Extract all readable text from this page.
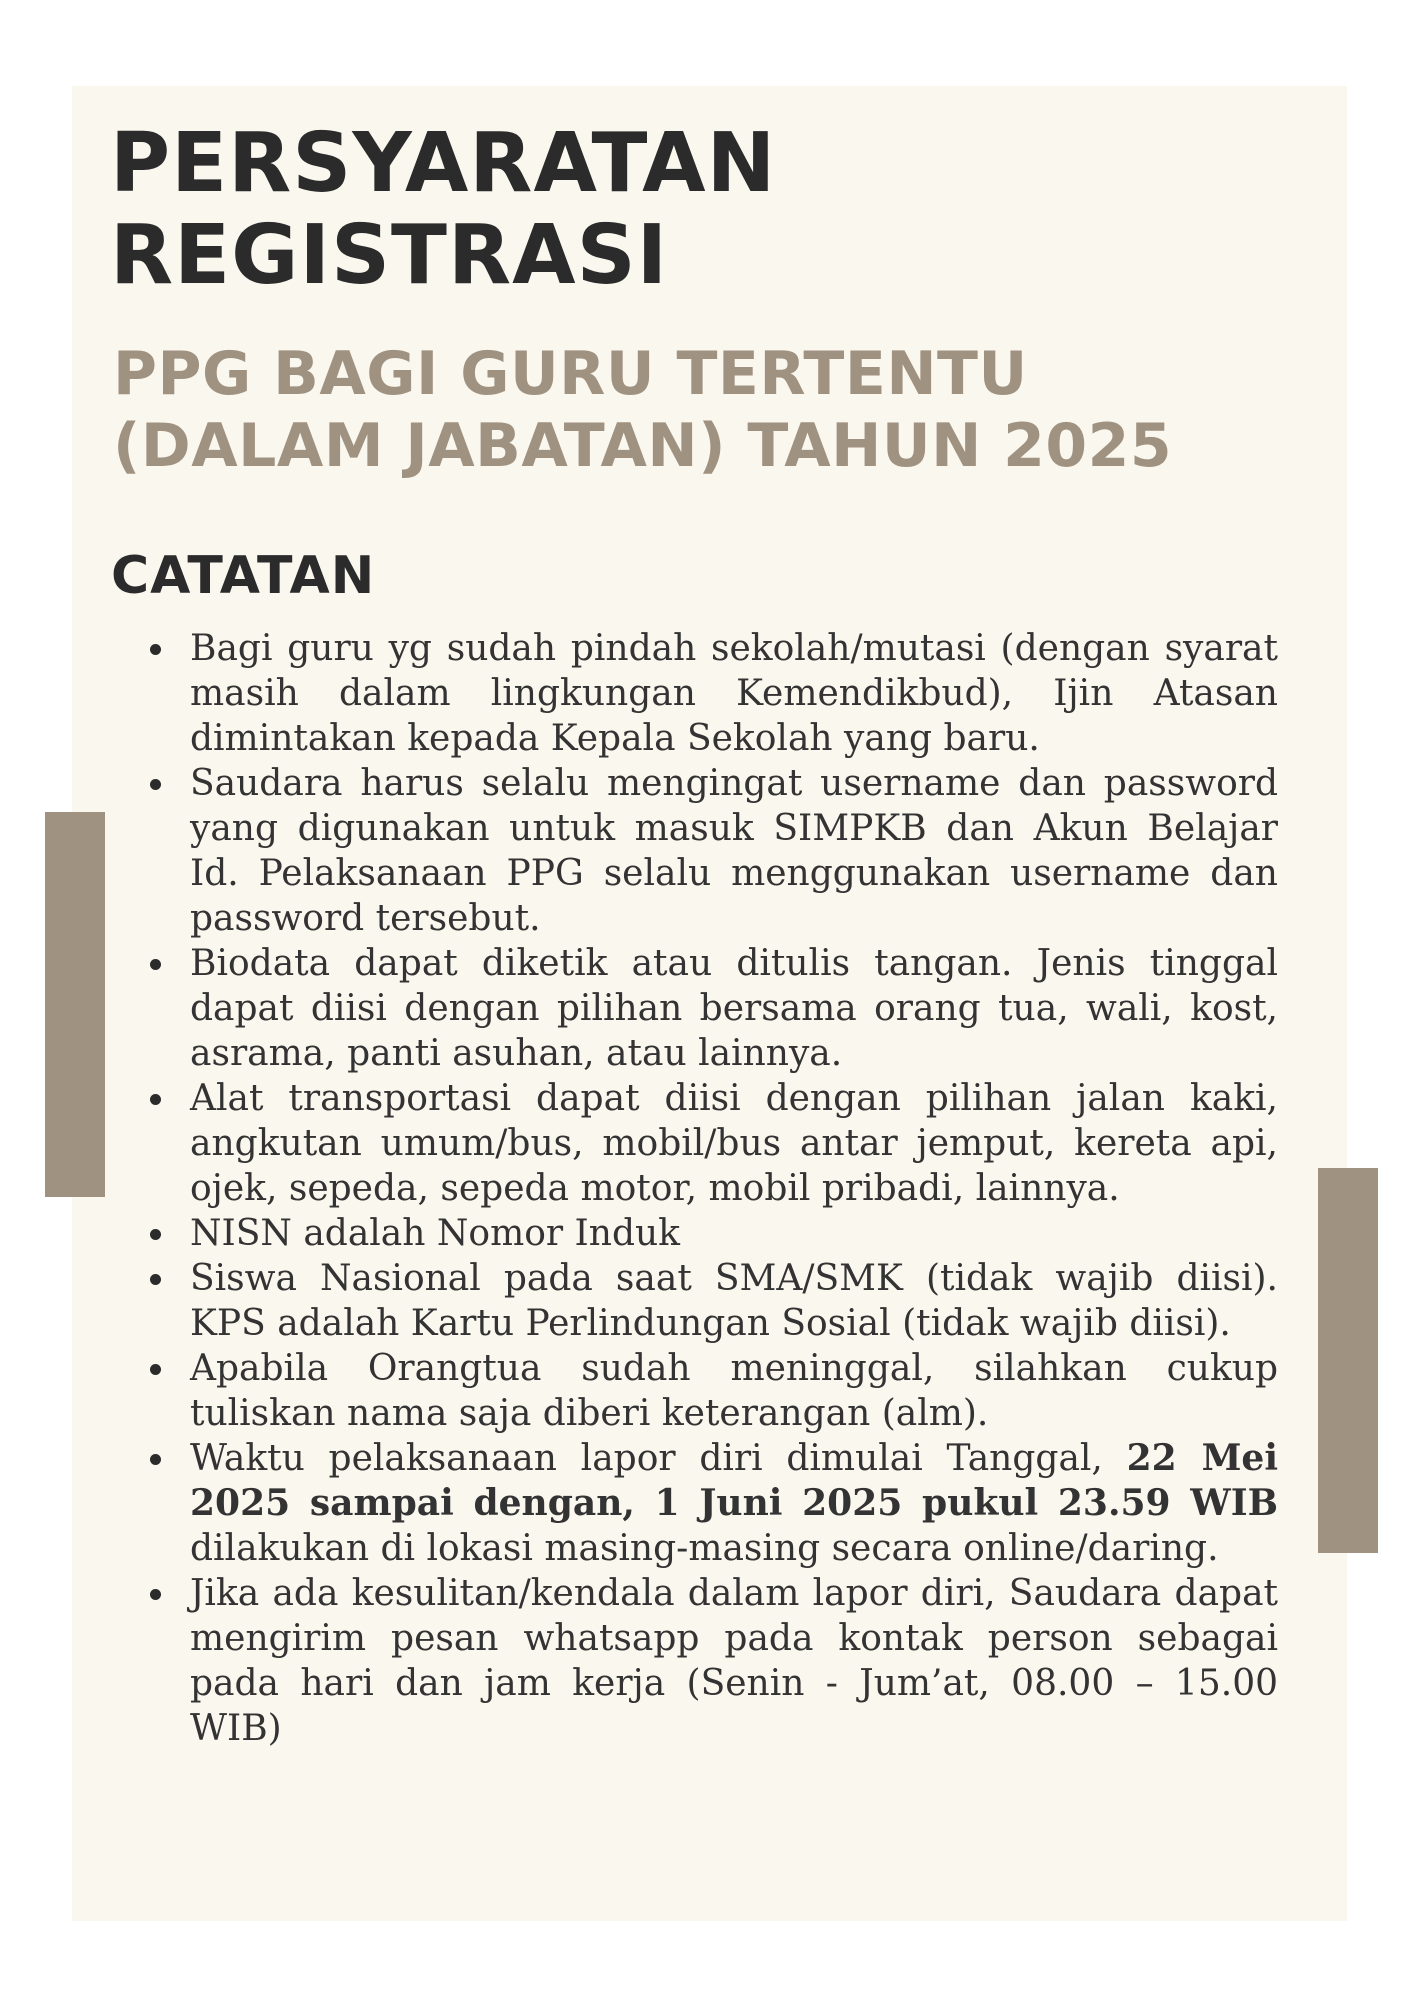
PERSYARATAN
REGISTRASI
PPG BAGI GURU TERTENTU
(DALAM JABATAN) TAHUN 2025
CATATAN
Bagi guru yg sudah pindah sekolah/mutasi (dengan syarat masih dalam lingkungan Kemendikbud), Ijin Atasan dimintakan kepada Kepala Sekolah yang baru.
Saudara harus selalu mengingat username dan password yang digunakan untuk masuk SIMPKB dan Akun Belajar Id. Pelaksanaan PPG selalu menggunakan username dan password tersebut.
Biodata dapat diketik atau ditulis tangan. Jenis tinggal dapat diisi dengan pilihan bersama orang tua, wali, kost, asrama, panti asuhan, atau lainnya.
Alat transportasi dapat diisi dengan pilihan jalan kaki, angkutan umum/bus, mobil/bus antar jemput, kereta api, ojek, sepeda, sepeda motor, mobil pribadi, lainnya.
NISN adalah Nomor Induk
Siswa Nasional pada saat SMA/SMK (tidak wajib diisi). KPS adalah Kartu Perlindungan Sosial (tidak wajib diisi).
Apabila Orangtua sudah meninggal, silahkan cukup tuliskan nama saja diberi keterangan (alm).
Waktu pelaksanaan lapor diri dimulai Tanggal, 22 Mei 2025 sampai dengan, 1 Juni 2025 pukul 23.59 WIB dilakukan di lokasi masing-masing secara online/daring.
Jika ada kesulitan/kendala dalam lapor diri, Saudara dapat mengirim pesan whatsapp pada kontak person sebagai pada hari dan jam kerja (Senin - Jum’at, 08.00 – 15.00 WIB)
